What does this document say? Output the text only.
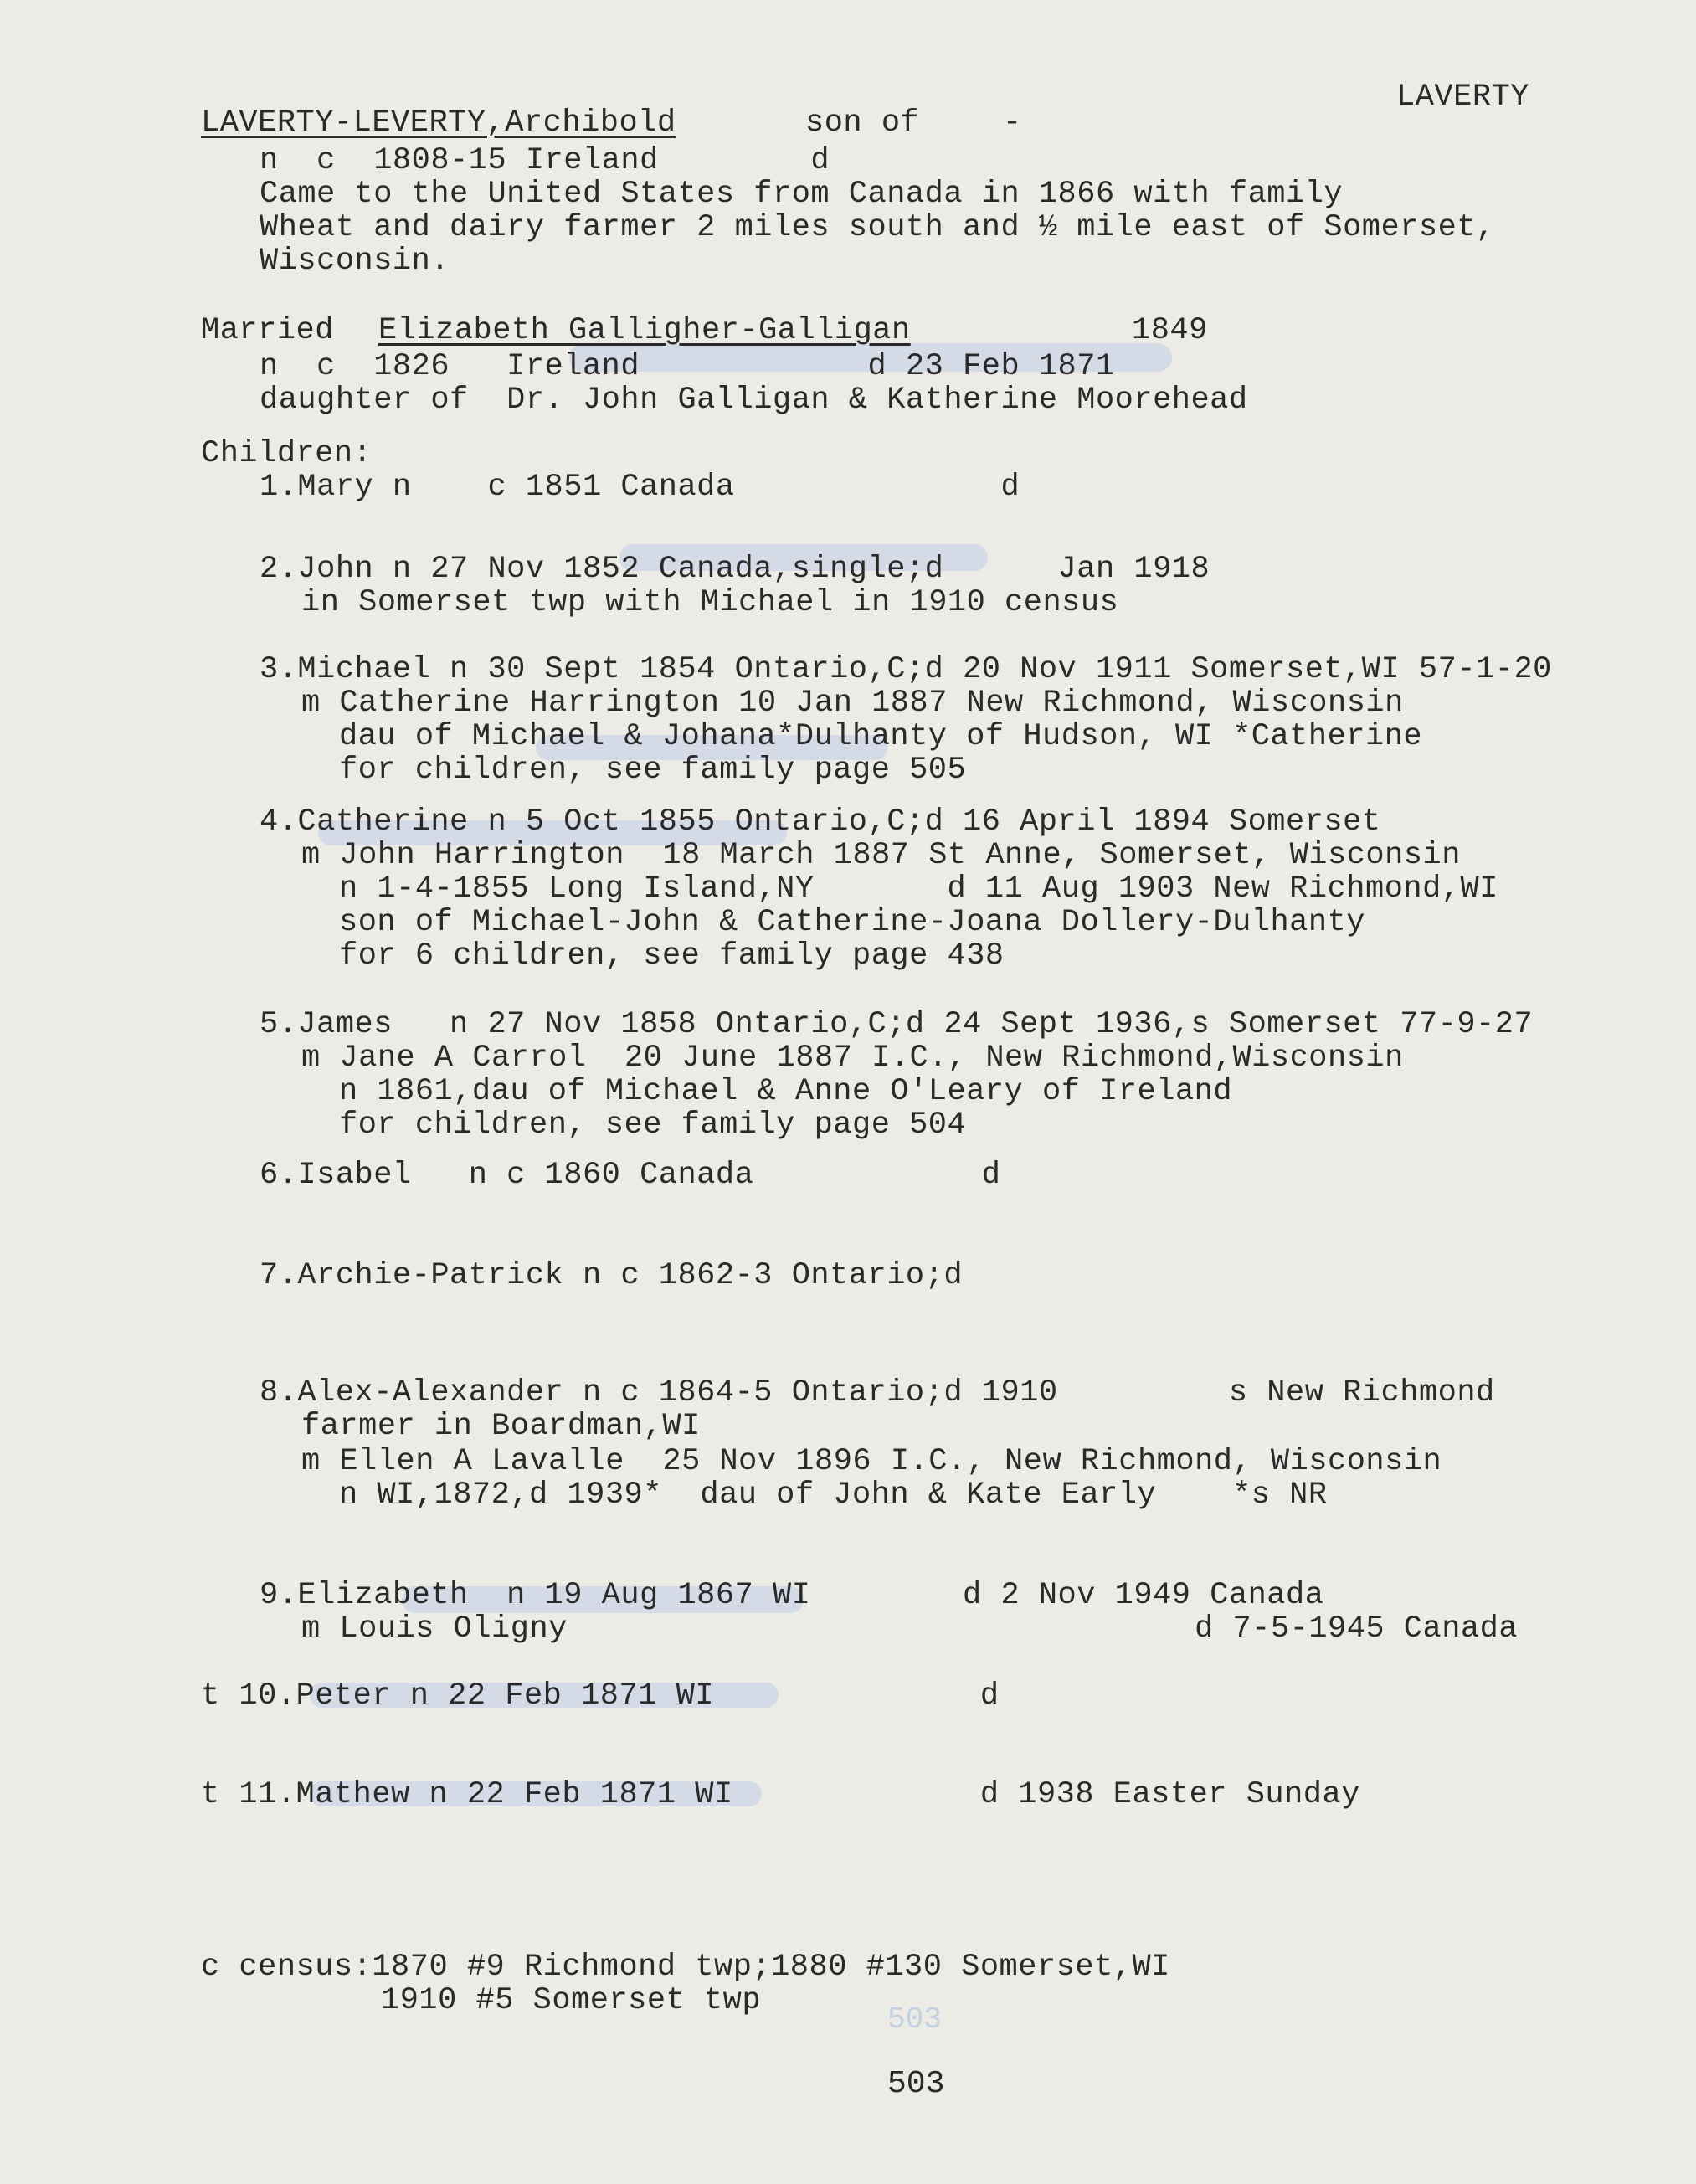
LAVERTY
LAVERTY-LEVERTY,Archibold	son of	-
n  c  1808-15 Ireland        d
Came to the United States from Canada in 1866 with family
Wheat and dairy farmer 2 miles south and ½ mile east of Somerset,
Wisconsin.
Married Elizabeth Galligher-Galligan	1849
n  c  1826   Ireland            d 23 Feb 1871
daughter of  Dr. John Galligan & Katherine Moorehead
Children:
1.Mary n    c 1851 Canada              d
2.John n 27 Nov 1852 Canada,single;d      Jan 1918
in Somerset twp with Michael in 1910 census
3.Michael n 30 Sept 1854 Ontario,C;d 20 Nov 1911 Somerset,WI 57-1-20
m Catherine Harrington 10 Jan 1887 New Richmond, Wisconsin
dau of Michael & Johana*Dulhanty of Hudson, WI *Catherine
for children, see family page 505
4.Catherine n 5 Oct 1855 Ontario,C;d 16 April 1894 Somerset
m John Harrington  18 March 1887 St Anne, Somerset, Wisconsin
n 1-4-1855 Long Island,NY       d 11 Aug 1903 New Richmond,WI
son of Michael-John & Catherine-Joana Dollery-Dulhanty
for 6 children, see family page 438
5.James   n 27 Nov 1858 Ontario,C;d 24 Sept 1936,s Somerset 77-9-27
m Jane A Carrol  20 June 1887 I.C., New Richmond,Wisconsin
n 1861,dau of Michael & Anne O'Leary of Ireland
for children, see family page 504
6.Isabel   n c 1860 Canada            d
7.Archie-Patrick n c 1862-3 Ontario;d
8.Alex-Alexander n c 1864-5 Ontario;d 1910         s New Richmond
farmer in Boardman,WI
m Ellen A Lavalle  25 Nov 1896 I.C., New Richmond, Wisconsin
n WI,1872,d 1939*  dau of John & Kate Early    *s NR
9.Elizabeth  n 19 Aug 1867 WI        d 2 Nov 1949 Canada
m Louis Oligny                                 d 7-5-1945 Canada
t 10.Peter n 22 Feb 1871 WI              d
t 11.Mathew n 22 Feb 1871 WI             d 1938 Easter Sunday
c census:1870 #9 Richmond twp;1880 #130 Somerset,WI
1910 #5 Somerset twp
503
503
